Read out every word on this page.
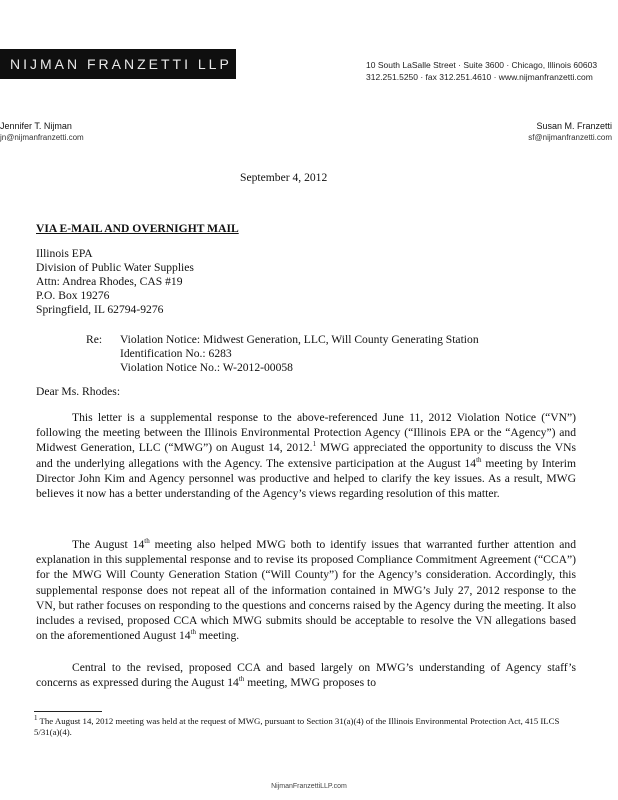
NIJMAN FRANZETTI LLP	10 South LaSalle Street · Suite 3600 · Chicago, Illinois 60603
312.251.5250 · fax 312.251.4610 · www.nijmanfranzetti.com
Jennifer T. Nijman
jn@nijmanfranzetti.com
Susan M. Franzetti
sf@nijmanfranzetti.com
September 4, 2012
VIA E-MAIL AND OVERNIGHT MAIL
Illinois EPA
Division of Public Water Supplies
Attn: Andrea Rhodes, CAS #19
P.O. Box 19276
Springfield, IL 62794-9276
Re: Violation Notice: Midwest Generation, LLC, Will County Generating Station
Identification No.: 6283
Violation Notice No.: W-2012-00058
Dear Ms. Rhodes:
This letter is a supplemental response to the above-referenced June 11, 2012 Violation Notice (“VN”) following the meeting between the Illinois Environmental Protection Agency (“Illinois EPA or the “Agency”) and Midwest Generation, LLC (“MWG”) on August 14, 2012.$^1$ MWG appreciated the opportunity to discuss the VNs and the underlying allegations with the Agency. The extensive participation at the August 14th meeting by Interim Director John Kim and Agency personnel was productive and helped to clarify the key issues. As a result, MWG believes it now has a better understanding of the Agency’s views regarding resolution of this matter.
The August 14th meeting also helped MWG both to identify issues that warranted further attention and explanation in this supplemental response and to revise its proposed Compliance Commitment Agreement (“CCA”) for the MWG Will County Generation Station (“Will County”) for the Agency’s consideration. Accordingly, this supplemental response does not repeat all of the information contained in MWG’s July 27, 2012 response to the VN, but rather focuses on responding to the questions and concerns raised by the Agency during the meeting. It also includes a revised, proposed CCA which MWG submits should be acceptable to resolve the VN allegations based on the aforementioned August 14th meeting.
Central to the revised, proposed CCA and based largely on MWG’s understanding of Agency staff’s concerns as expressed during the August 14th meeting, MWG proposes to
$^1$ The August 14, 2012 meeting was held at the request of MWG, pursuant to Section 31(a)(4) of the Illinois Environmental Protection Act, 415 ILCS 5/31(a)(4).
NijmanFranzettiLLP.com
